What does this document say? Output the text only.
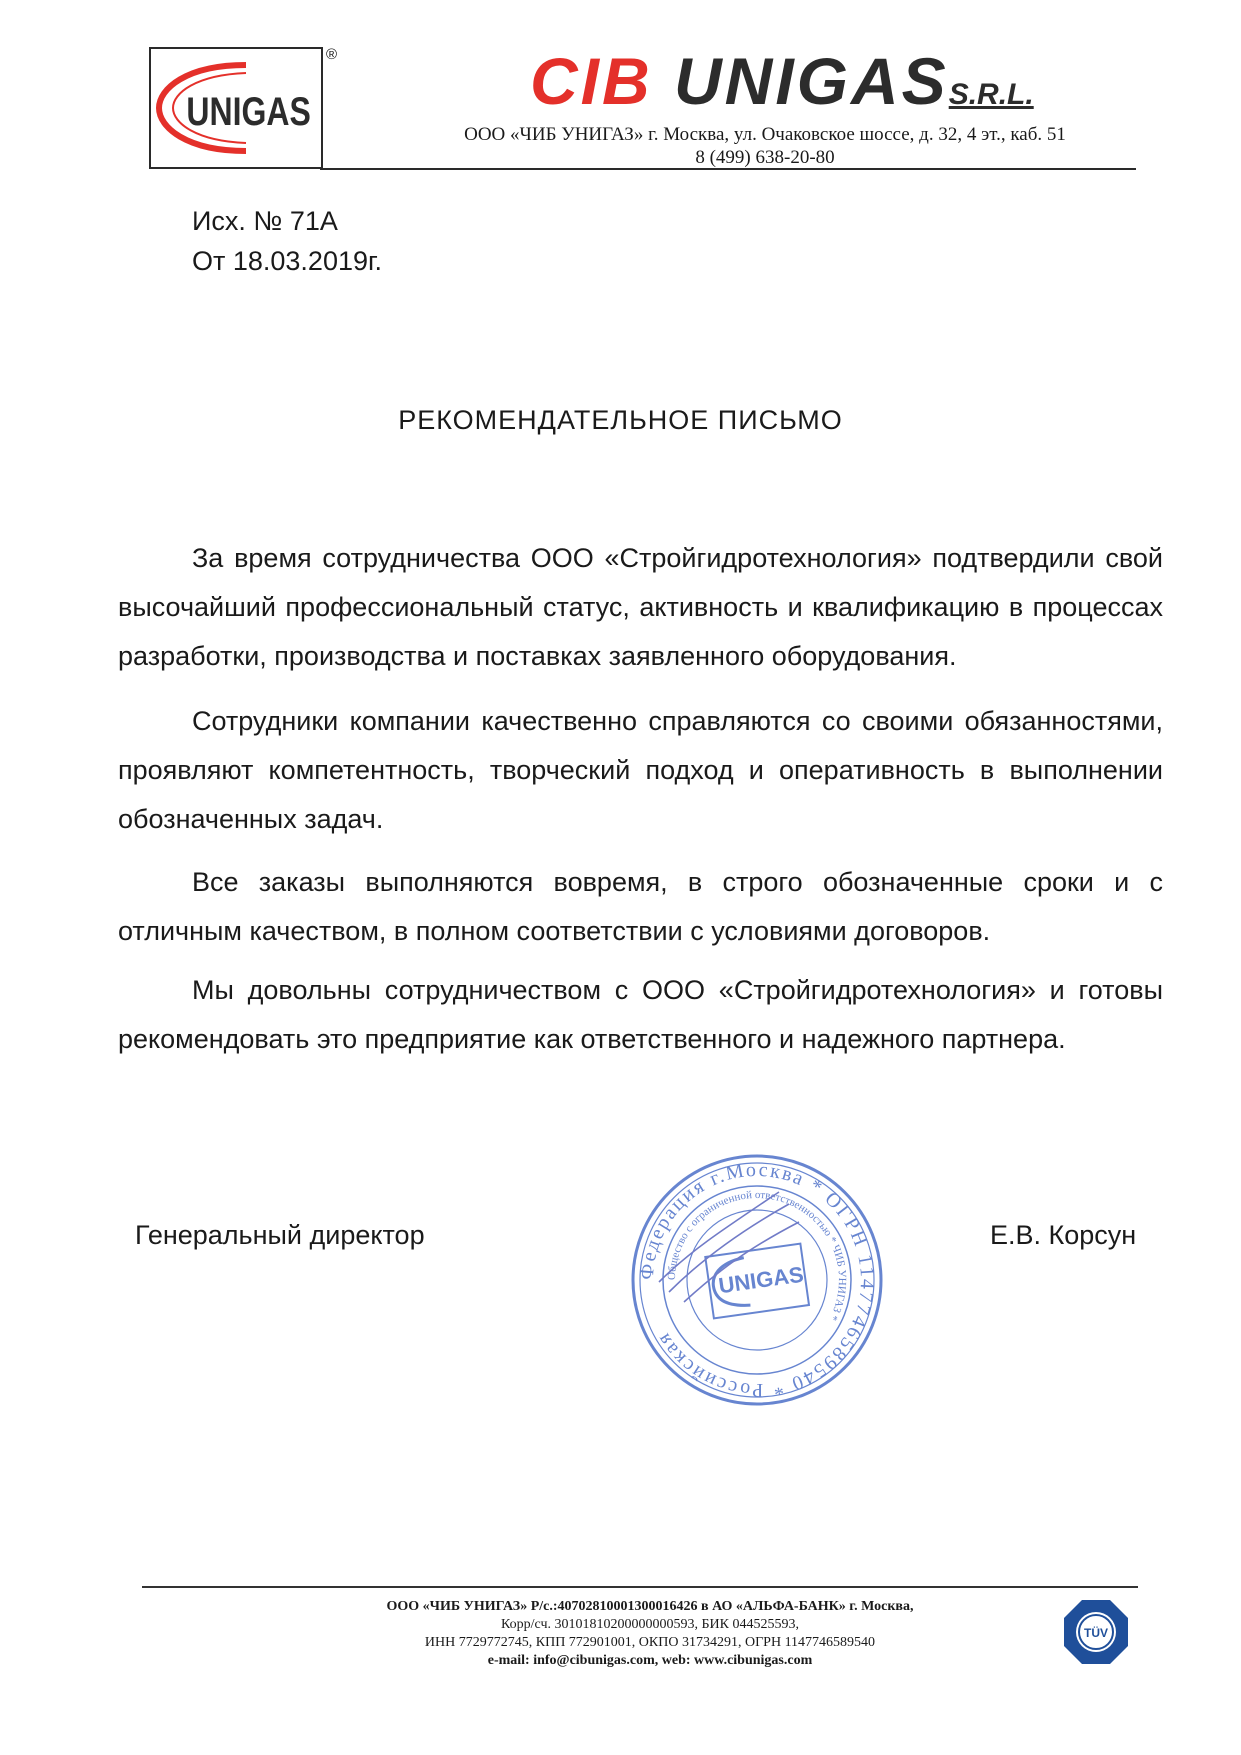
UNIGAS
®	CIB UNIGASS.R.L.
ООО «ЧИБ УНИГАЗ» г. Москва, ул. Очаковское шоссе, д. 32, 4 эт., каб. 51
8 (499) 638-20-80
Исх. № 71А
От 18.03.2019г.
РЕКОМЕНДАТЕЛЬНОЕ ПИСЬМО
За время сотрудничества ООО «Стройгидротехнология» подтвердили свой высочайший профессиональный статус, активность и квалификацию в процессах разработки, производства и поставках заявленного оборудования.
Сотрудники компании качественно справляются со своими обязанностями, проявляют компетентность, творческий подход и оперативность в выполнении обозначенных задач.
Все заказы выполняются вовремя, в строго обозначенные сроки и с отличным качеством, в полном соответствии с условиями договоров.
Мы довольны сотрудничеством с ООО «Стройгидротехнология» и готовы рекомендовать это предприятие как ответственного и надежного партнера.
Генеральный директор	Е.В. Корсун
Федерация г.Москва * ОГРН 1147746589540 * Российская
Общество с ограниченной ответственностью * ЧИБ УНИГАЗ *
UNIGAS
ООО «ЧИБ УНИГАЗ» Р/с.:40702810001300016426 в АО «АЛЬФА-БАНК» г. Москва,
Корр/сч. 30101810200000000593, БИК 044525593,
ИНН 7729772745, КПП 772901001, ОКПО 31734291, ОГРН 1147746589540
e-mail: info@cibunigas.com, web: www.cibunigas.com
TÜV
